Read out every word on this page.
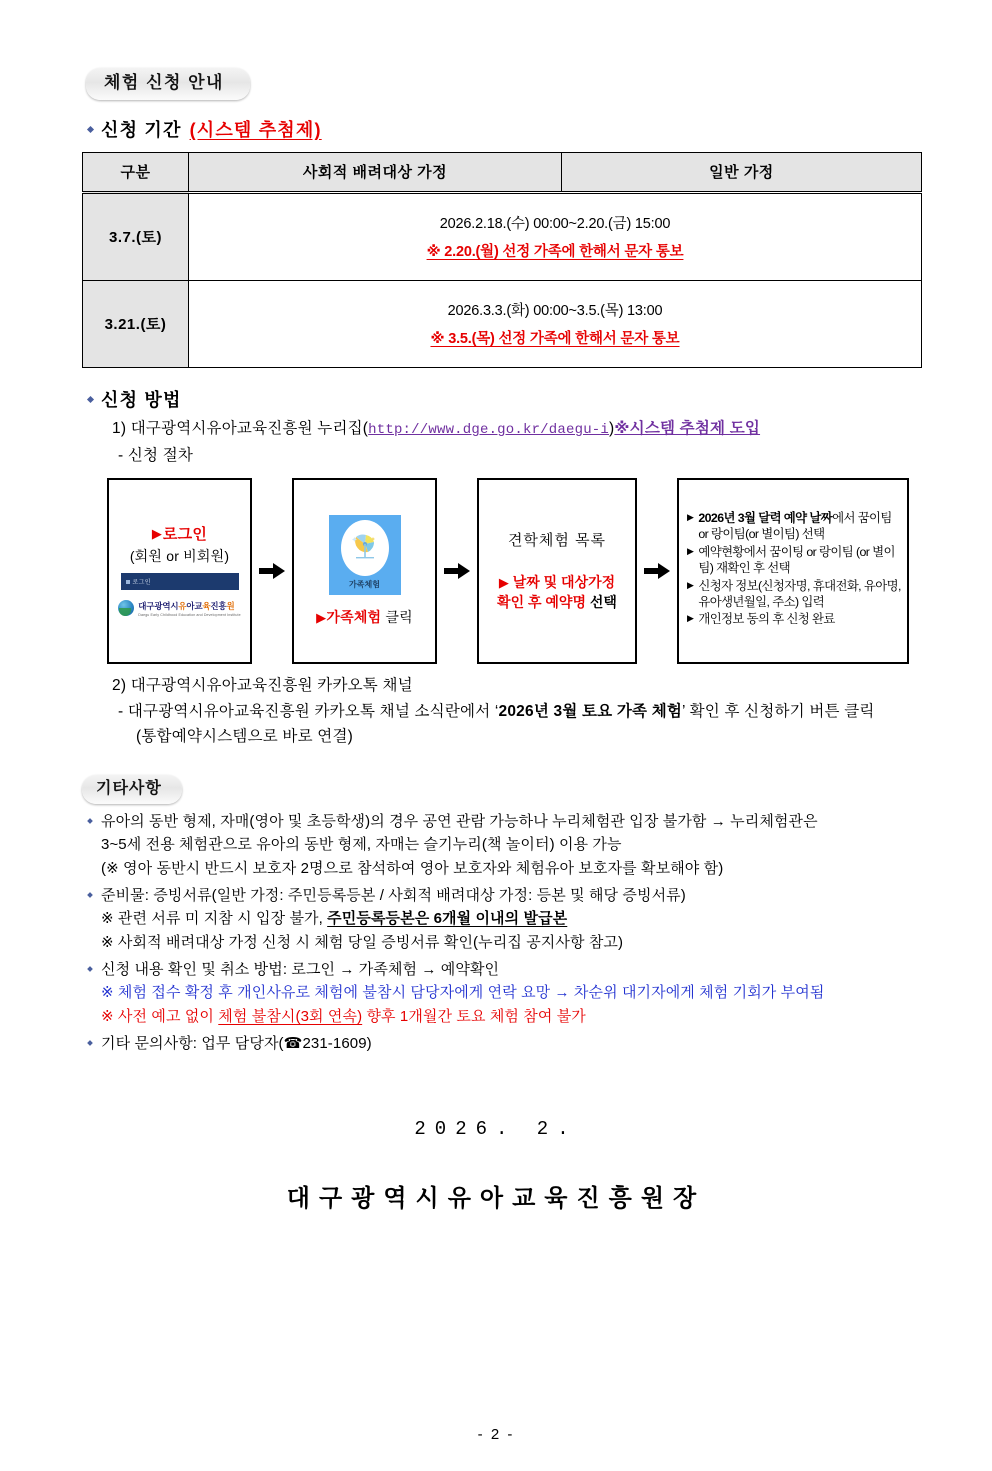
체험 신청 안내
신청 기간 (시스템 추첨제)
구분	사회적 배려대상 가정	일반 가정
3.7.(토)	2026.2.18.(수) 00:00~2.20.(금) 15:00
※ 2.20.(월) 선정 가족에 한해서 문자 통보	

3.21.(토)	2026.3.3.(화) 00:00~3.5.(목) 13:00
※ 3.5.(목) 선정 가족에 한해서 문자 통보	
신청 방법
1) 대구광역시유아교육진흥원 누리집(http://www.dge.go.kr/daegu-i)※시스템 추첨제 도입
- 신청 절차
▶ 로그인
(회원 or 비회원)
로그인
대구광역시유아교육진흥원
Daegu Early Childhood Education and Development Institute
가족체험
▶가족체험 클릭
견학체험 목록
▶ 날짜 및 대상가정
확인 후 예약명 선택
▶ 2026년 3월 달력 예약 날짜에서 꿈이팀 or 랑이팀(or 별이팀) 선택
▶ 예약현황에서 꿈이팅 or 랑이팀 (or 별이팀) 재확인 후 선택
▶ 신청자 정보(신청자명, 휴대전화, 유아명, 유아생년월일, 주소) 입력
▶ 개인정보 동의 후 신청 완료
2) 대구광역시유아교육진흥원 카카오톡 채널
- 대구광역시유아교육진흥원 카카오톡 채널 소식란에서 ‘2026년 3월 토요 가족 체험’ 확인 후 신청하기 버튼 클릭
(통합예약시스템으로 바로 연결)
기타사항
유아의 동반 형제, 자매(영아 및 초등학생)의 경우 공연 관람 가능하나 누리체험관 입장 불가함 → 누리체험관은
3~5세 전용 체험관으로 유아의 동반 형제, 자매는 슬기누리(책 놀이터) 이용 가능
(※ 영아 동반시 반드시 보호자 2명으로 참석하여 영아 보호자와 체험유아 보호자를 확보해야 함)
준비물: 증빙서류(일반 가정: 주민등록등본 / 사회적 배려대상 가정: 등본 및 해당 증빙서류)
※ 관련 서류 미 지참 시 입장 불가, 주민등록등본은 6개월 이내의 발급본
※ 사회적 배려대상 가정 신청 시 체험 당일 증빙서류 확인(누리집 공지사항 참고)
신청 내용 확인 및 취소 방법: 로그인 → 가족체험 → 예약확인
※ 체험 접수 확정 후 개인사유로 체험에 불참시 담당자에게 연락 요망 → 차순위 대기자에게 체험 기회가 부여됨
※ 사전 예고 없이 체험 불참시(3회 연속) 향후 1개월간 토요 체험 참여 불가
기타 문의사항: 업무 담당자(☎231-1609)
2026. 2.
대구광역시유아교육진흥원장
- 2 -
